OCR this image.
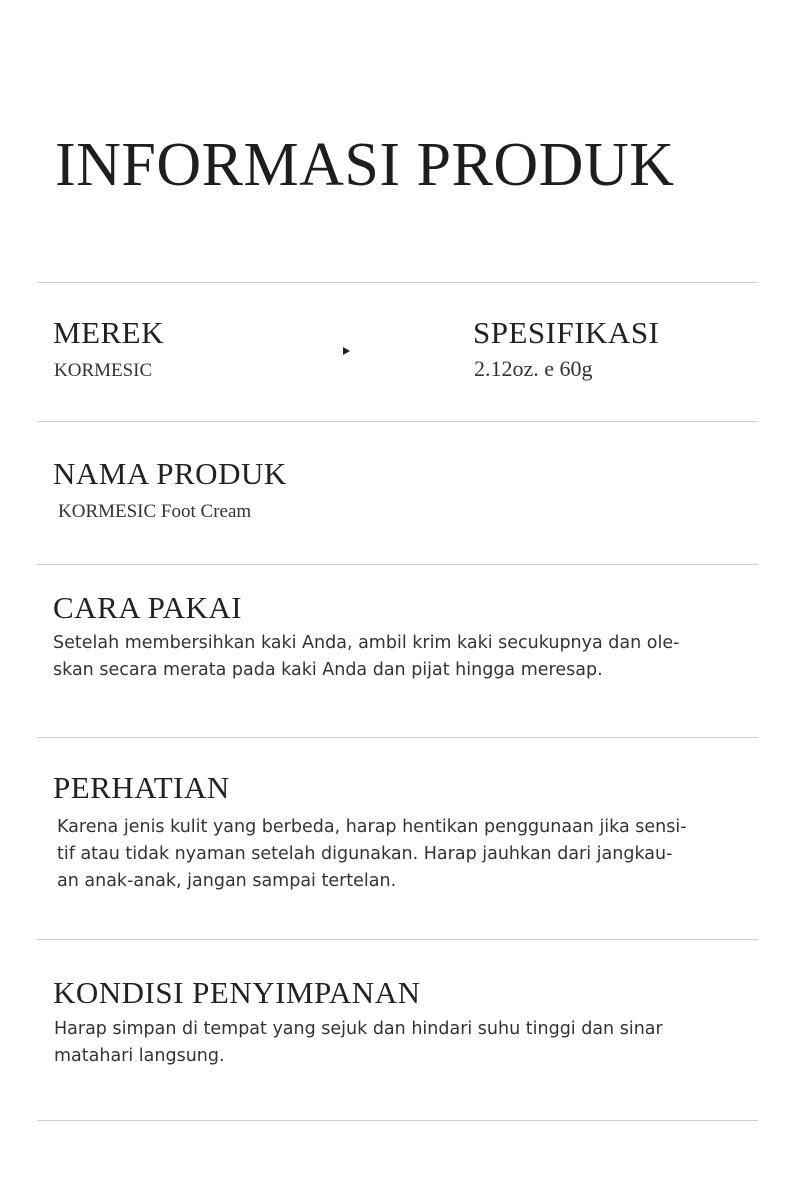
INFORMASI PRODUK
MEREK
KORMESIC
SPESIFIKASI
2.12oz. e 60g
NAMA PRODUK
KORMESIC Foot Cream
CARA PAKAI
Setelah membersihkan kaki Anda, ambil krim kaki secukupnya dan ole-
skan secara merata pada kaki Anda dan pijat hingga meresap.
PERHATIAN
Karena jenis kulit yang berbeda, harap hentikan penggunaan jika sensi-
tif atau tidak nyaman setelah digunakan. Harap jauhkan dari jangkau-
an anak-anak, jangan sampai tertelan.
KONDISI PENYIMPANAN
Harap simpan di tempat yang sejuk dan hindari suhu tinggi dan sinar
matahari langsung.
